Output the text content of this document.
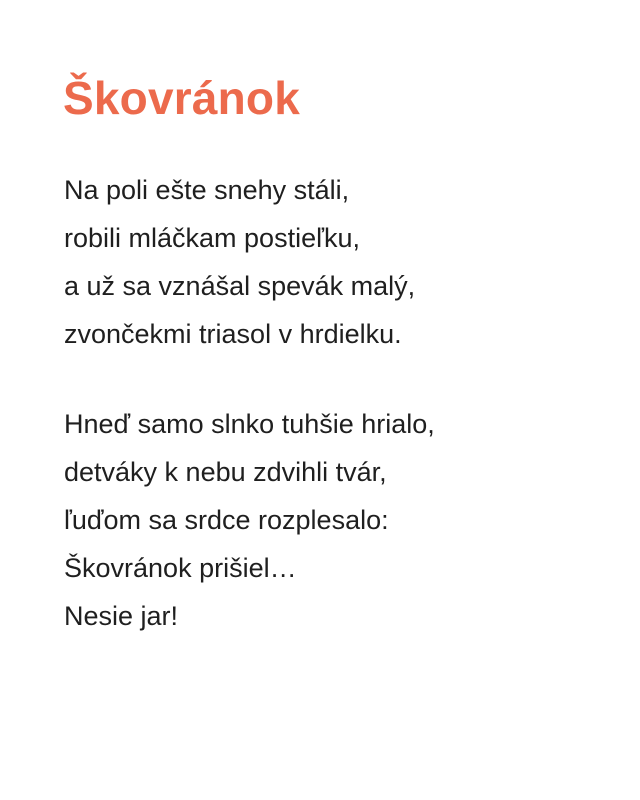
Škovránok
Na poli ešte snehy stáli,
robili mláčkam postieľku,
a už sa vznášal spevák malý,
zvončekmi triasol v hrdielku.
Hneď samo slnko tuhšie hrialo,
detváky k nebu zdvihli tvár,
ľuďom sa srdce rozplesalo:
Škovránok prišiel…
Nesie jar!
